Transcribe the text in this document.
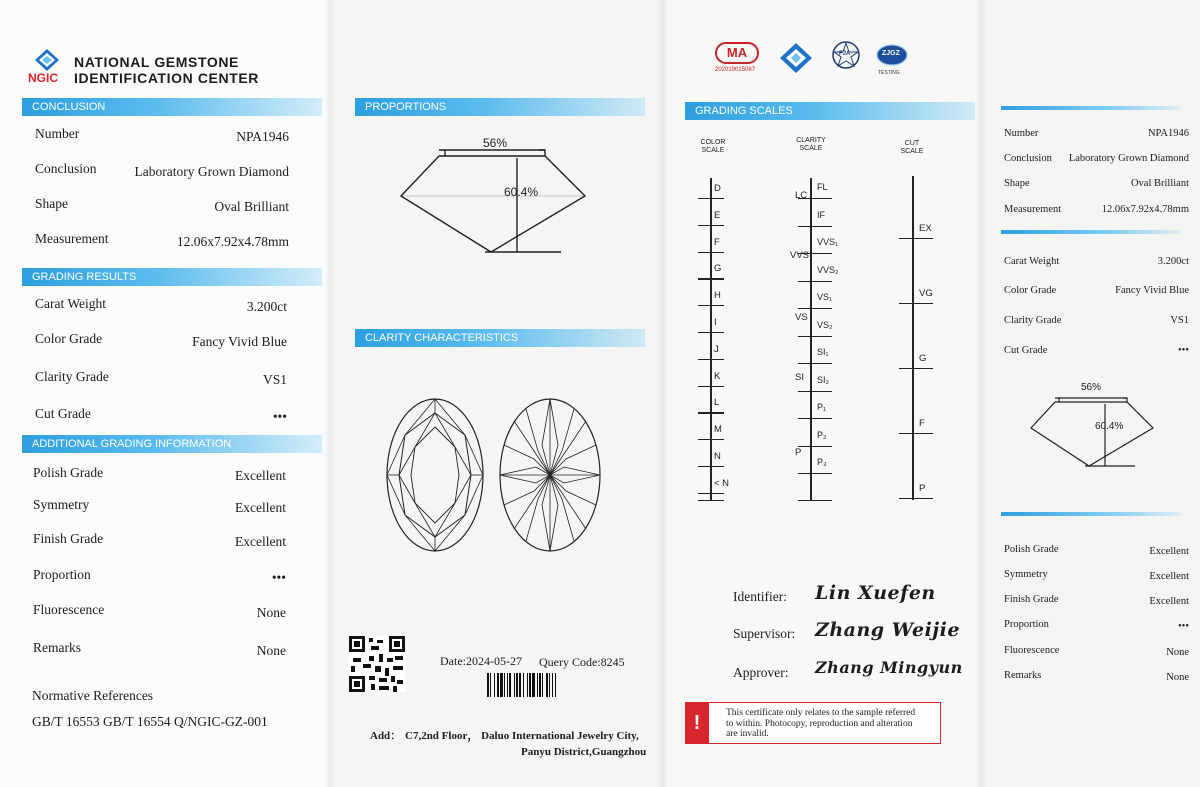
NGIC
NATIONAL GEMSTONE
IDENTIFICATION CENTER
CONCLUSION
Number	NPA1946
Conclusion	Laboratory Grown Diamond
Shape	Oval Brilliant
Measurement	12.06x7.92x4.78mm
GRADING RESULTS
Carat Weight	3.200ct
Color Grade	Fancy Vivid Blue
Clarity Grade	VS1
Cut Grade	•••
ADDITIONAL GRADING INFORMATION
Polish Grade	Excellent
Symmetry	Excellent
Finish Grade	Excellent
Proportion	•••
Fluorescence	None
Remarks	None
Normative References
GB/T 16553 GB/T 16554 Q/NGIC-GZ-001
PROPORTIONS
56%
60.4%
CLARITY CHARACTERISTICS
Date:2024-05-27 Query Code:8245
Add： C7,2nd Floor， Daluo International Jewelry City,
Panyu District,Guangzhou
MA
202019015087
FJA	ZJGZ
TESTING
GRADING SCALES
COLOR
SCALE
CLARITY
SCALE
CUT
SCALE
D
E
F
G
H
I
J
K
L
M
N
< N
FL
IF
VVS₁
VVS₂
VS₁
VS₂
SI₁
SI₂
P₁
P₂
P₃
LC
VVS
VS
SI
P
EX
VG
G
F
P
Identifier: Lin Xuefen
Supervisor: Zhang Weijie
Approver: Zhang Mingyun
!	This certificate only relates to the sample referred
to within. Photocopy, reproduction and alteration
are invalid.
Number	NPA1946
Conclusion Laboratory Grown Diamond
Shape	Oval Brilliant
Measurement	12.06x7.92x4.78mm
Carat Weight	3.200ct
Color Grade	Fancy Vivid Blue
Clarity Grade	VS1
Cut Grade	•••
56%
60.4%
Polish Grade	Excellent
Symmetry	Excellent
Finish Grade	Excellent
Proportion	•••
Fluorescence	None
Remarks	None
